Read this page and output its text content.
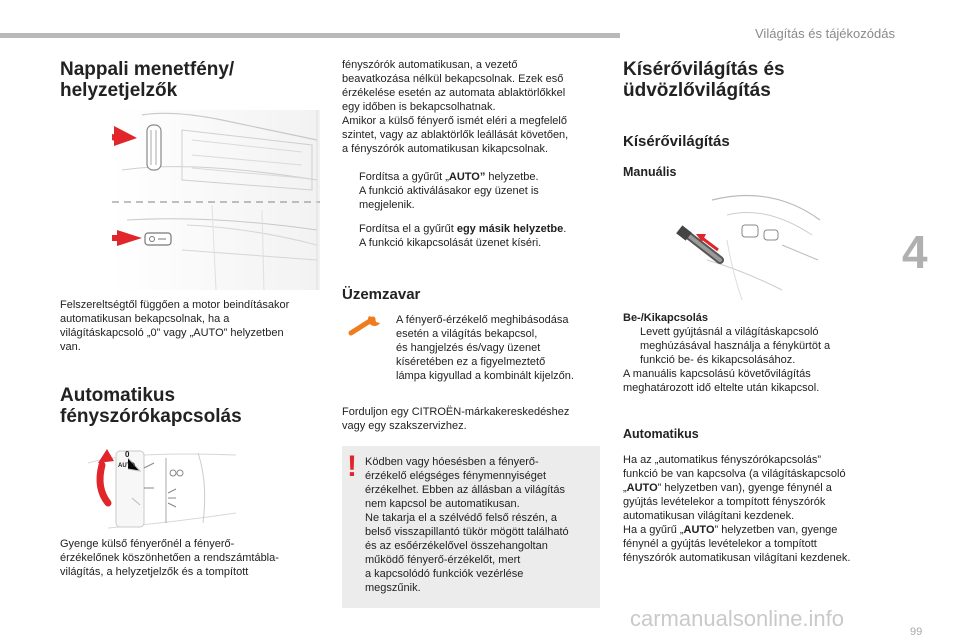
Világítás és tájékozódás
4
Nappali menetfény/
helyzetjelzők
Felszereltségtől függően a motor beindításakor
automatikusan bekapcsolnak, ha a
világításkapcsoló „0” vagy „AUTO” helyzetben
van.
Automatikus
fényszórókapcsolás
0
AUTO
Gyenge külső fényerőnél a fényerő-
érzékelőnek köszönhetően a rendszámtábla-
világítás, a helyzetjelzők és a tompított
fényszórók automatikusan, a vezető
beavatkozása nélkül bekapcsolnak. Ezek eső
érzékelése esetén az automata ablaktörlőkkel
egy időben is bekapcsolhatnak.
Amikor a külső fényerő ismét eléri a megfelelő
szintet, vagy az ablaktörlők leállását követően,
a fényszórók automatikusan kikapcsolnak.
Fordítsa a gyűrűt „AUTO” helyzetbe.
A funkció aktiválásakor egy üzenet is
megjelenik.
Fordítsa el a gyűrűt egy másik helyzetbe.
A funkció kikapcsolását üzenet kíséri.
Üzemzavar
A fényerő-érzékelő meghibásodása
esetén a világítás bekapcsol,
és hangjelzés és/vagy üzenet
kíséretében ez a figyelmeztető
lámpa kigyullad a kombinált kijelzőn.
Forduljon egy CITROËN-márkakereskedéshez
vagy egy szakszervizhez.
! Ködben vagy hóesésben a fényerő-
érzékelő elégséges fénymennyiséget
érzékelhet. Ebben az állásban a világítás
nem kapcsol be automatikusan.
Ne takarja el a szélvédő felső részén, a
belső visszapillantó tükör mögött található
és az esőérzékelővel összehangoltan
működő fényerő-érzékelőt, mert
a kapcsolódó funkciók vezérlése
megszűnik.
Kísérővilágítás és
üdvözlővilágítás
Kísérővilágítás
Manuális
Be-/Kikapcsolás
Levett gyújtásnál a világításkapcsoló
meghúzásával használja a fénykürtöt a
funkció be- és kikapcsolásához.
A manuális kapcsolású követővilágítás
meghatározott idő eltelte után kikapcsol.
Automatikus
Ha az „automatikus fényszórókapcsolás”
funkció be van kapcsolva (a világításkapcsoló
„AUTO” helyzetben van), gyenge fénynél a
gyújtás levételekor a tompított fényszórók
automatikusan világítani kezdenek.
Ha a gyűrű „AUTO” helyzetben van, gyenge
fénynél a gyújtás levételekor a tompított
fényszórók automatikusan világítani kezdenek.
carmanualsonline.info
99
